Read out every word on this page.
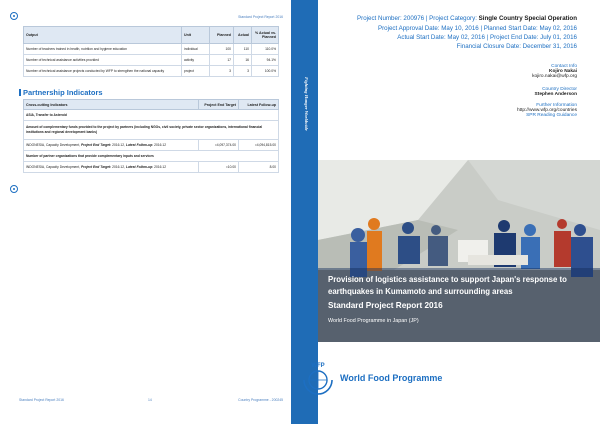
Standard Project Report 2016
Output	Unit	Planned	Actual	% Actual vs. Planned
Number of teachers trained in health, nutrition and hygiene education	individual	100	110	110.0%
Number of technical assistance activities provided	activity	17	16	94.1%
Number of technical assistance projects conducted by WFP to strengthen the national capacity	project	3	3	100.0%
Partnership Indicators
Cross-cutting Indicators	Project End Target	Latest Follow-up
ASIA, Transfer to Asteroid		
Amount of complementary funds provided to the project by partners (including NGOs, civil society, private sector organizations, international financial institutions and regional development banks)		
INDONESIA, Capacity Development, Project End Target: 2016.12, Latest Follow-up: 2016.12	=4,097,374.00	=4,094,815.00
Number of partner organizations that provide complementary inputs and services		
INDONESIA, Capacity Development, Project End Target: 2016.12, Latest Follow-up: 2016.12	=10.00	8.00
Standard Project Report 2016	14	Country Programme - 200245
Fighting Hunger Worldwide
Project Number: 200976 | Project Category: Single Country Special Operation
Project Approval Date: May 10, 2016 | Planned Start Date: May 02, 2016
Actual Start Date: May 02, 2016 | Project End Date: July 01, 2016
Financial Closure Date: December 31, 2016
Contact Info
Kojiro Nakai
kojiro.nakai@wfp.org
Country Director
Stephen Anderson
Further Information
http://www.wfp.org/countries
SPR Reading Guidance
Provision of logistics assistance to support Japan's response to
earthquakes in Kumamoto and surrounding areas
Standard Project Report 2016
World Food Programme in Japan (JP)
WFP
World Food Programme
